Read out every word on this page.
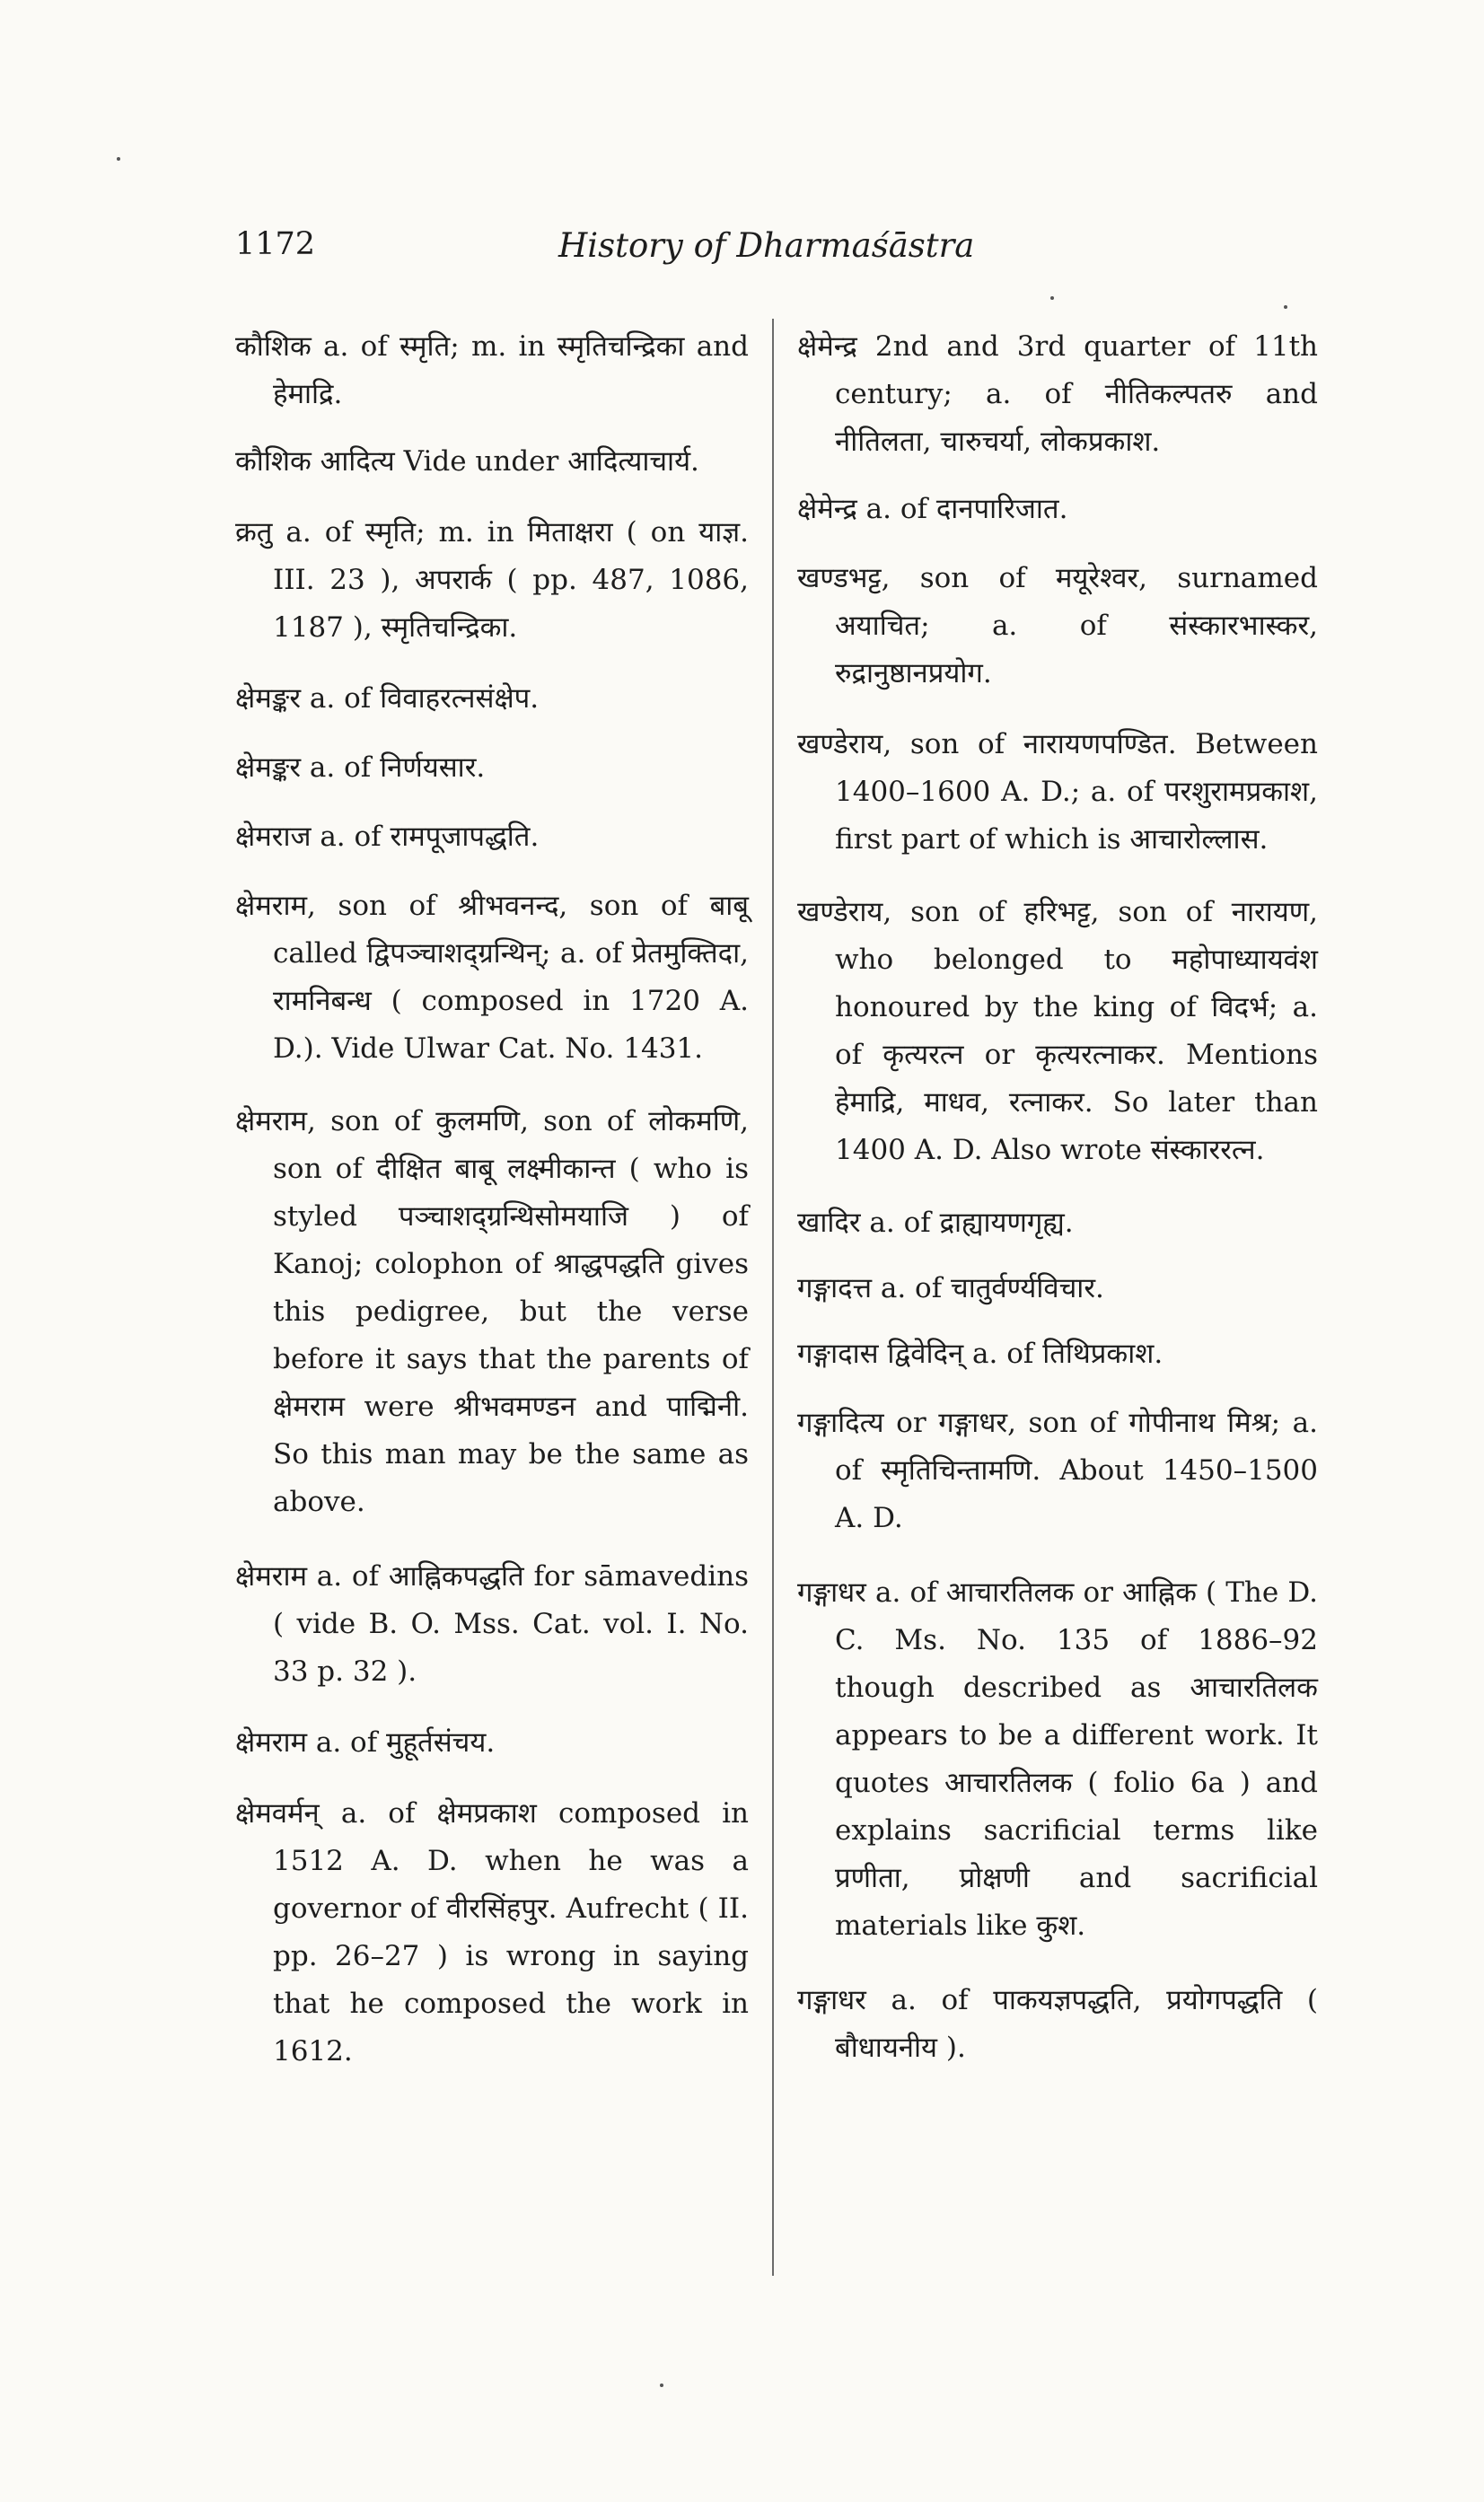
1172	History of Dharmaśāstra

कौशिक a. of स्मृति; m. in स्मृतिचन्द्रिका and हेमाद्रि.

कौशिक आदित्य Vide under आदित्याचार्य.

क्रतु a. of स्मृति; m. in मिताक्षरा ( on याज्ञ. III. 23 ), अपरार्क ( pp. 487, 1086, 1187 ), स्मृतिचन्द्रिका.

क्षेमङ्कर a. of विवाहरत्नसंक्षेप.

क्षेमङ्कर a. of निर्णयसार.

क्षेमराज a. of रामपूजापद्धति.

क्षेमराम, son of श्रीभवनन्द, son of बाबू called द्विपञ्चाशद्ग्रन्थिन्; a. of प्रेतमुक्तिदा, रामनिबन्ध ( composed in 1720 A. D.). Vide Ulwar Cat. No. 1431.

क्षेमराम, son of कुलमणि, son of लोकमणि, son of दीक्षित बाबू लक्ष्मीकान्त ( who is styled पञ्चाशद्ग्रन्थिसोमयाजि ) of Kanoj; colophon of श्राद्धपद्धति gives this pedigree, but the verse before it says that the parents of क्षेमराम were श्रीभवमण्डन and पाद्मिनी. So this man may be the same as above.

क्षेमराम a. of आह्निकपद्धति for sāmavedins ( vide B. O. Mss. Cat. vol. I. No. 33 p. 32 ).

क्षेमराम a. of मुहूर्तसंचय.

क्षेमवर्मन् a. of क्षेमप्रकाश composed in 1512 A. D. when he was a governor of वीरसिंहपुर. Aufrecht ( II. pp. 26–27 ) is wrong in saying that he composed the work in 1612.

क्षेमेन्द्र 2nd and 3rd quarter of 11th century; a. of नीतिकल्पतरु and नीतिलता, चारुचर्या, लोकप्रकाश.

क्षेमेन्द्र a. of दानपारिजात.

खण्डभट्ट, son of मयूरेश्वर, surnamed अयाचित; a. of संस्कारभास्कर, रुद्रानुष्ठानप्रयोग.

खण्डेराय, son of नारायणपण्डित. Between 1400–1600 A. D.; a. of परशुरामप्रकाश, first part of which is आचारोल्लास.

खण्डेराय, son of हरिभट्ट, son of नारायण, who belonged to महोपाध्यायवंश honoured by the king of विदर्भ; a. of कृत्यरत्न or कृत्यरत्नाकर. Mentions हेमाद्रि, माधव, रत्नाकर. So later than 1400 A. D. Also wrote संस्काररत्न.

खादिर a. of द्राह्यायणगृह्य.

गङ्गादत्त a. of चातुर्वर्ण्यविचार.

गङ्गादास द्विवेदिन् a. of तिथिप्रकाश.

गङ्गादित्य or गङ्गाधर, son of गोपीनाथ मिश्र; a. of स्मृतिचिन्तामणि. About 1450–1500 A. D.

गङ्गाधर a. of आचारतिलक or आह्निक ( The D. C. Ms. No. 135 of 1886–92 though described as आचारतिलक appears to be a different work. It quotes आचारतिलक ( folio 6a ) and explains sacrificial terms like प्रणीता, प्रोक्षणी and sacrificial materials like कुश.

गङ्गाधर a. of पाकयज्ञपद्धति, प्रयोगपद्धति ( बौधायनीय ).
